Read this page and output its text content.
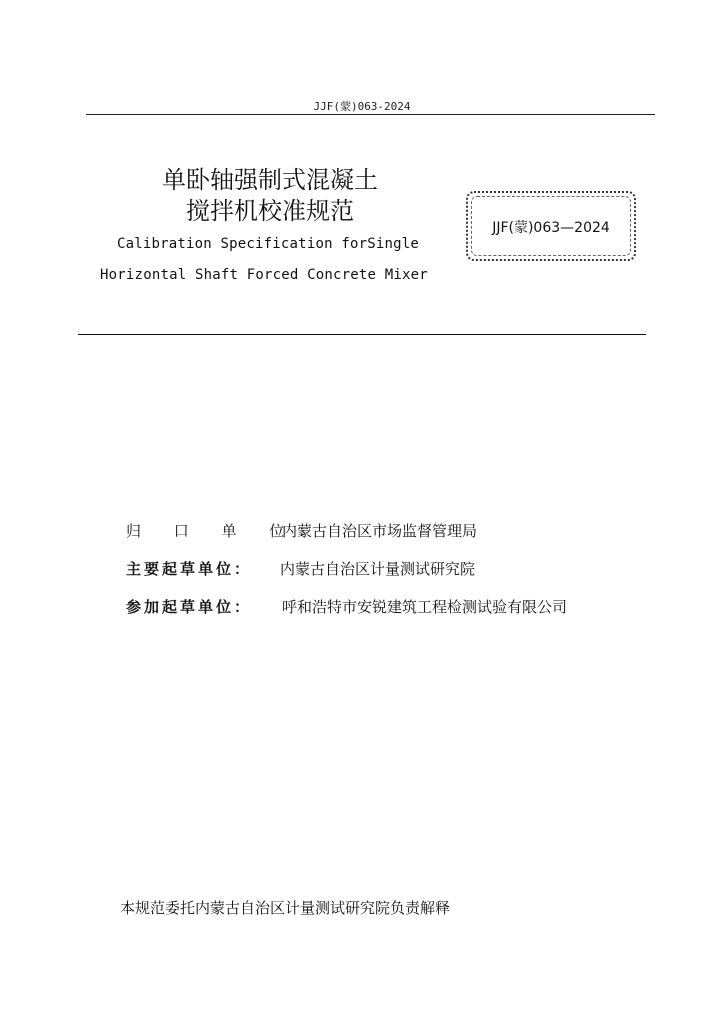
JJF(蒙)063-2024
单卧轴强制式混凝土
搅拌机校准规范
Calibration Specification forSingle
Horizontal Shaft Forced Concrete Mixer
JJF(蒙)063—2024
归 口 单 位：内蒙古自治区市场监督管理局
主要起草单位： 内蒙古自治区计量测试研究院
参加起草单位： 呼和浩特市安锐建筑工程检测试验有限公司
本规范委托内蒙古自治区计量测试研究院负责解释
